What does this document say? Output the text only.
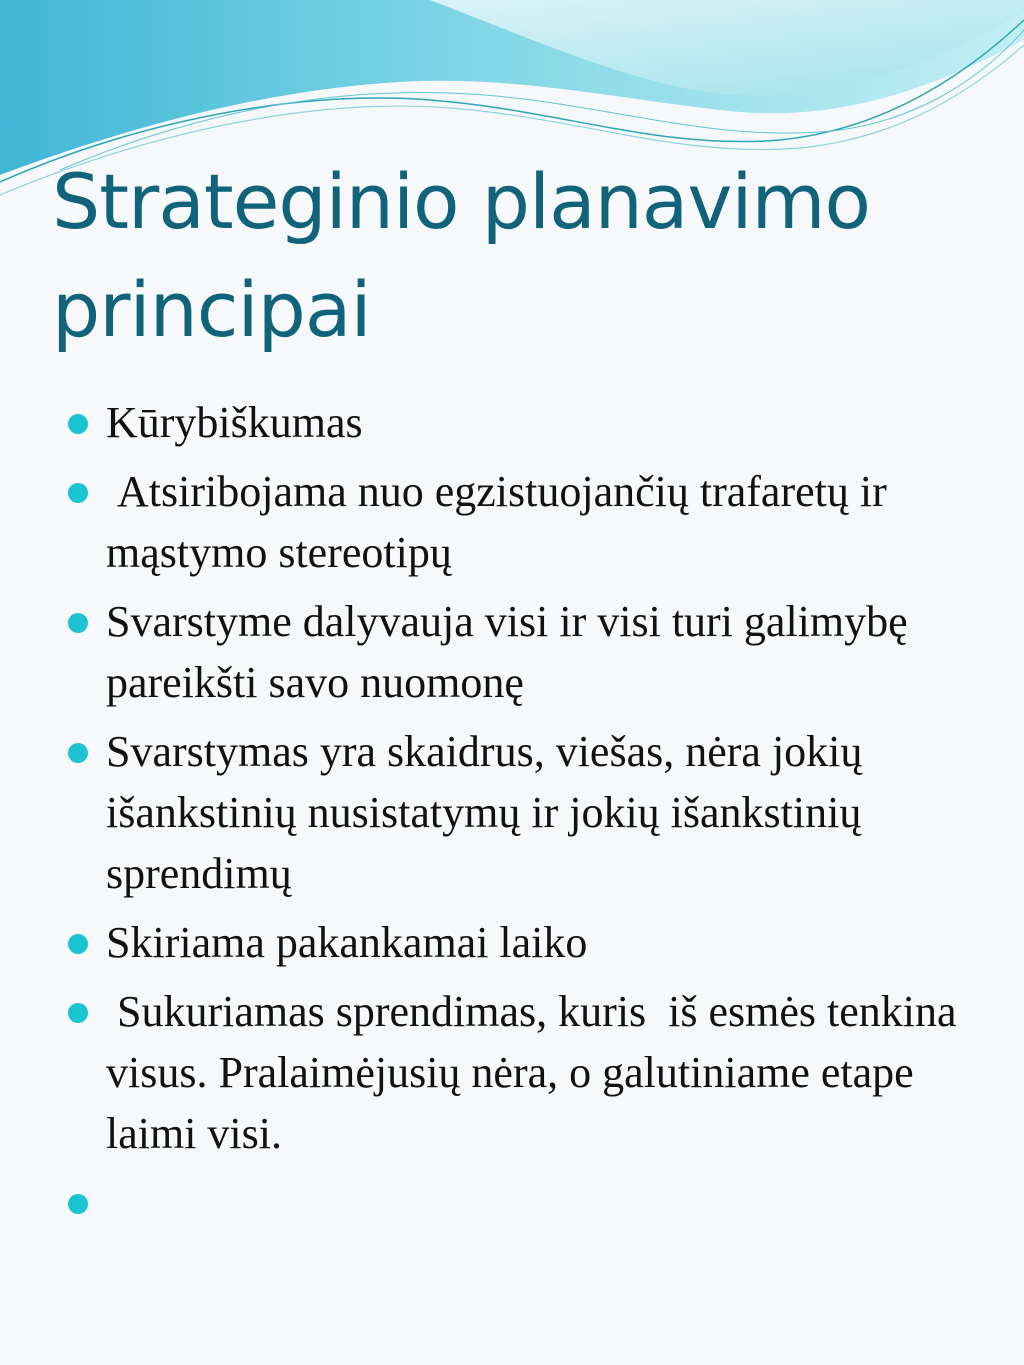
Strateginio planavimo principai
Kūrybiškumas
Atsiribojama nuo egzistuojančių trafaretų ir mąstymo stereotipų
Svarstyme dalyvauja visi ir visi turi galimybę pareikšti savo nuomonę
Svarstymas yra skaidrus, viešas, nėra jokių išankstinių nusistatymų ir jokių išankstinių sprendimų
Skiriama pakankamai laiko
Sukuriamas sprendimas, kuris  iš esmės tenkina visus. Pralaimėjusių nėra, o galutiniame etape laimi visi.
